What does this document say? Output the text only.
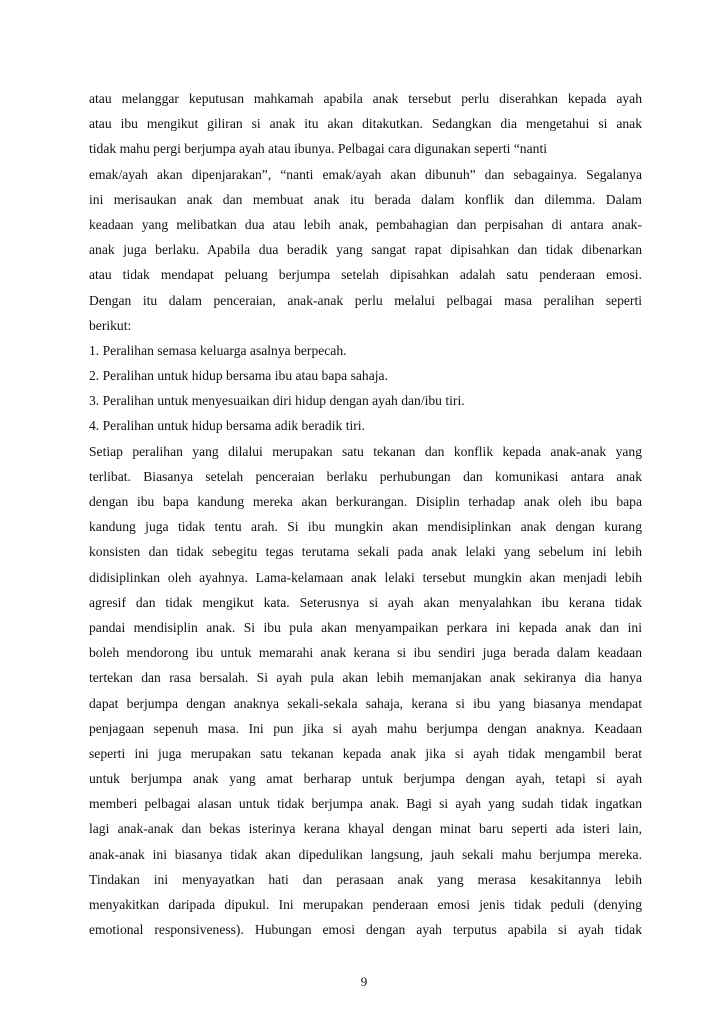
atau melanggar keputusan mahkamah apabila anak tersebut perlu diserahkan kepada ayah
atau ibu mengikut giliran si anak itu akan ditakutkan. Sedangkan dia mengetahui si anak
tidak mahu pergi berjumpa ayah atau ibunya. Pelbagai cara digunakan seperti “nanti
emak/ayah akan dipenjarakan”, “nanti emak/ayah akan dibunuh” dan sebagainya. Segalanya
ini merisaukan anak dan membuat anak itu berada dalam konflik dan dilemma. Dalam
keadaan yang melibatkan dua atau lebih anak, pembahagian dan perpisahan di antara anak-
anak juga berlaku. Apabila dua beradik yang sangat rapat dipisahkan dan tidak dibenarkan
atau tidak mendapat peluang berjumpa setelah dipisahkan adalah satu penderaan emosi.
Dengan itu dalam penceraian, anak-anak perlu melalui pelbagai masa peralihan seperti
berikut:
1. Peralihan semasa keluarga asalnya berpecah.
2. Peralihan untuk hidup bersama ibu atau bapa sahaja.
3. Peralihan untuk menyesuaikan diri hidup dengan ayah dan/ibu tiri.
4. Peralihan untuk hidup bersama adik beradik tiri.
Setiap peralihan yang dilalui merupakan satu tekanan dan konflik kepada anak-anak yang
terlibat. Biasanya setelah penceraian berlaku perhubungan dan komunikasi antara anak
dengan ibu bapa kandung mereka akan berkurangan. Disiplin terhadap anak oleh ibu bapa
kandung juga tidak tentu arah. Si ibu mungkin akan mendisiplinkan anak dengan kurang
konsisten dan tidak sebegitu tegas terutama sekali pada anak lelaki yang sebelum ini lebih
didisiplinkan oleh ayahnya. Lama-kelamaan anak lelaki tersebut mungkin akan menjadi lebih
agresif dan tidak mengikut kata. Seterusnya si ayah akan menyalahkan ibu kerana tidak
pandai mendisiplin anak. Si ibu pula akan menyampaikan perkara ini kepada anak dan ini
boleh mendorong ibu untuk memarahi anak kerana si ibu sendiri juga berada dalam keadaan
tertekan dan rasa bersalah. Si ayah pula akan lebih memanjakan anak sekiranya dia hanya
dapat berjumpa dengan anaknya sekali-sekala sahaja, kerana si ibu yang biasanya mendapat
penjagaan sepenuh masa. Ini pun jika si ayah mahu berjumpa dengan anaknya. Keadaan
seperti ini juga merupakan satu tekanan kepada anak jika si ayah tidak mengambil berat
untuk berjumpa anak yang amat berharap untuk berjumpa dengan ayah, tetapi si ayah
memberi pelbagai alasan untuk tidak berjumpa anak. Bagi si ayah yang sudah tidak ingatkan
lagi anak-anak dan bekas isterinya kerana khayal dengan minat baru seperti ada isteri lain,
anak-anak ini biasanya tidak akan dipedulikan langsung, jauh sekali mahu berjumpa mereka.
Tindakan ini menyayatkan hati dan perasaan anak yang merasa kesakitannya lebih
menyakitkan daripada dipukul. Ini merupakan penderaan emosi jenis tidak peduli (denying
emotional responsiveness). Hubungan emosi dengan ayah terputus apabila si ayah tidak
9
